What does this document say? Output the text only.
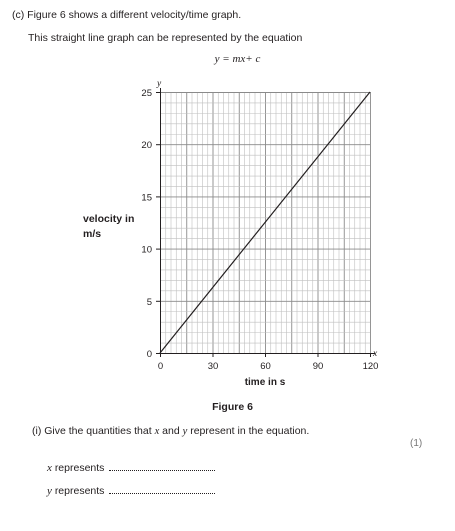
(c) Figure 6 shows a different velocity/time graph.
This straight line graph can be represented by the equation
y = mx+ c
0
5
10
15
20
25
0	30	60	90	120
time in s
x
y
velocity in m/s
Figure 6
(i) Give the quantities that x and y represent in the equation.
(1)
x represents
y represents
